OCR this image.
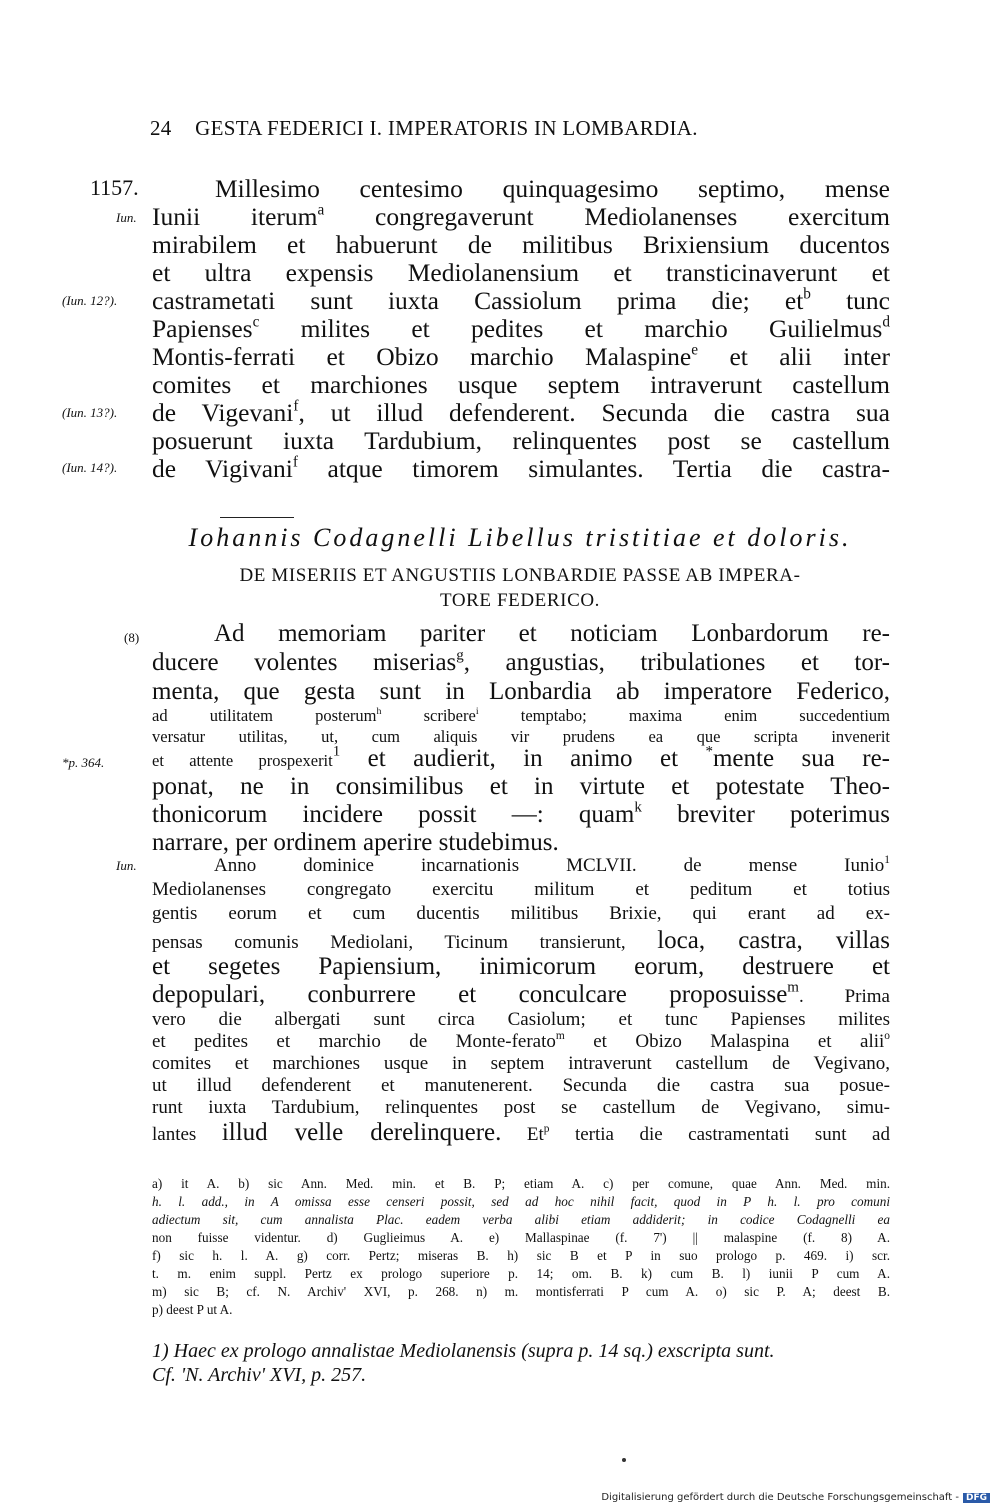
24 GESTA FEDERICI I. IMPERATORIS IN LOMBARDIA.
1157.
Iun.
(Iun. 12?).
(Iun. 13?).
(Iun. 14?).
Millesimo centesimo quinquagesimo septimo, mense
Iunii iterum$^a$ congregaverunt Mediolanenses exercitum
mirabilem et habuerunt de militibus Brixiensium ducentos
et ultra expensis Mediolanensium et transticinaverunt et
castrametati sunt iuxta Cassiolum prima die; $et^b$ tunc
Papienses$^c$ milites et pedites et marchio Guilielmus$^d$
Montis-ferrati et Obizo marchio Malaspine$^e$ et alii inter
comites et marchiones usque septem intraverunt castellum
de Vigevani$^f$, ut illud defenderent. Secunda die castra sua
posuerunt iuxta Tardubium, relinquentes post se castellum
de Vigivani$^f$ atque timorem simulantes. Tertia die castra-
Iohannis Codagnelli Libellus tristitiae et doloris.
DE MISERIIS ET ANGUSTIIS LONBARDIE PASSE AB IMPERA-
TORE FEDERICO.
(8)
*p. 364.
Iun.
Ad memoriam pariter et noticiam Lonbardorum re-
ducere volentes miserias$^g$, angustias, tribulationes et tor-
menta, que gesta sunt in Lonbardia ab imperatore Federico,
ad utilitatem posterum$^h$	scribere$^i$	temptabo; maxima enim succedentium
versatur utilitas, ut, cum aliquis vir prudens ea que scripta invenerit
et attente prospexerit$^1$ et audierit, in animo et *mente sua re-
ponat, ne in consimilibus et in virtute et potestate Theo-
thonicorum incidere possit —: quam$^k$ breviter poterimus
narrare, per ordinem aperire studebimus.
Anno dominice incarnationis MCLVII. de mense Iunio$^1$
Mediolanenses congregato exercitu militum et peditum et totius
gentis eorum et cum ducentis militibus Brixie, qui erant ad ex-
pensas comunis Mediolani, Ticinum transierunt, loca, castra, villas
et segetes Papiensium, inimicorum eorum, destruere et
depopulari, conburrere et conculcare proposuisse$^m$. Prima
vero die albergati sunt circa Casiolum; et tunc Papienses milites
et pedites et marchio de Monte-ferato$^m$ et Obizo Malaspina et alii$^o$
comites et marchiones usque in septem intraverunt castellum de Vegivano,
ut illud defenderent et manutenerent. Secunda die castra sua posue-
runt iuxta Tardubium, relinquentes post se castellum de Vegivano, simu-
lantes illud velle derelinquere. Et$^p$ tertia die castramentati sunt ad
a) it A. b) sic Ann. Med. min. et B. P; etiam A. c) per comune, quae Ann. Med. min.
h. l. add., in A omissa esse censeri possit, sed ad hoc nihil facit, quod in P h. l. pro comuni
adiectum sit, cum annalista Plac. eadem verba alibi etiam addiderit; in codice Codagnelli ea
non fuisse videntur. d) Guglieimus A. e) Mallaspinae (f. 7') || malaspine (f. 8) A.
f) sic h. l. A. g) corr. Pertz; miseras B. h) sic B et P in suo prologo p. 469. i) scr.
t. m. enim suppl. Pertz ex prologo superiore p. 14; om. B. k) cum B. l) iunii P cum A.
m) sic B; cf. N. Archiv' XVI, p. 268. n) m. montisferrati P cum A. o) sic P. A; deest B.
p) deest P ut A.
1) Haec ex prologo annalistae Mediolanensis (supra p. 14 sq.) exscripta sunt.
Cf. 'N. Archiv' XVI, p. 257.
Digitalisierung gefördert durch die Deutsche Forschungsgemeinschaft - DFG
